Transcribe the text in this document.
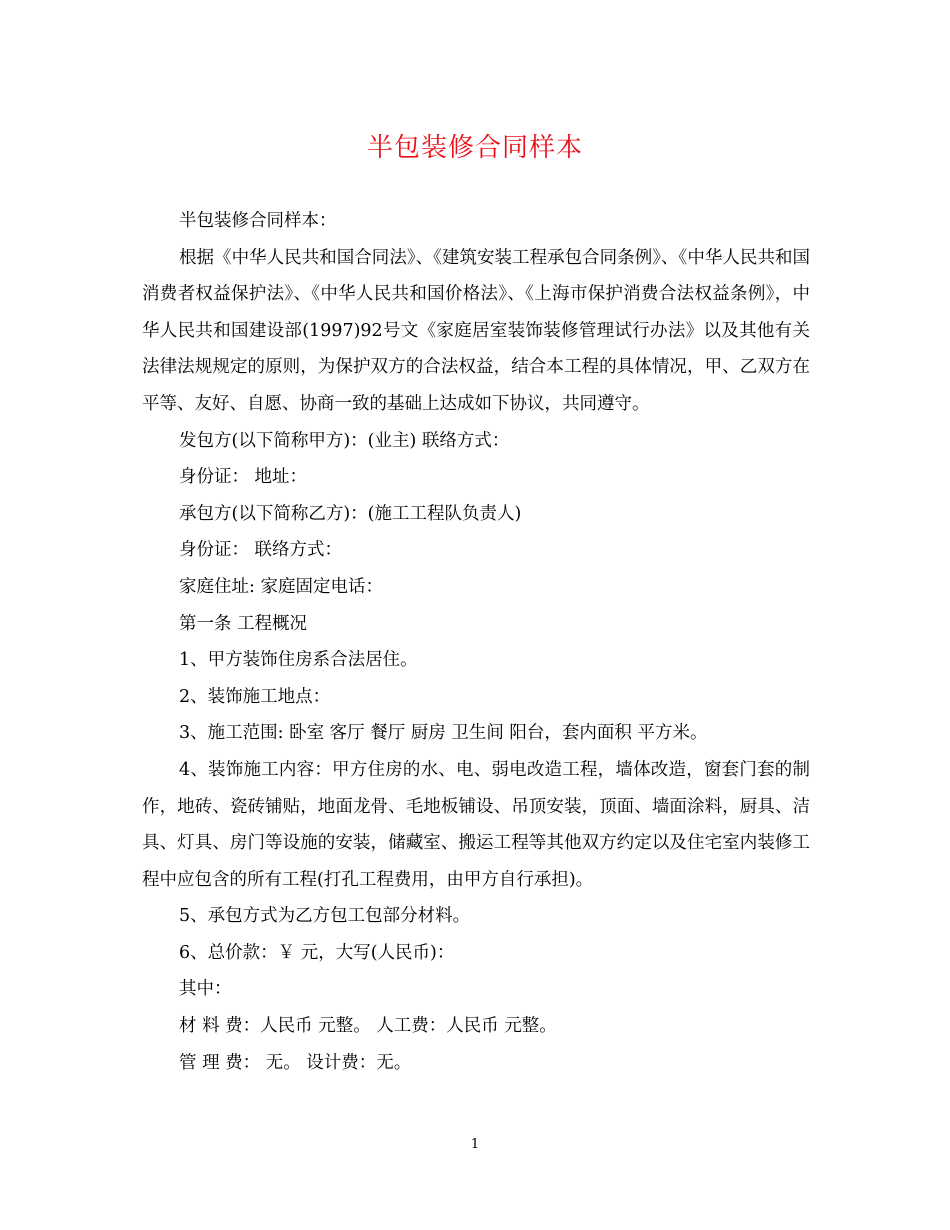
半包装修合同样本

半包装修合同样本：

根据《中华人民共和国合同法》、《建筑安装工程承包合同条例》、《中华人民共和国消费者权益保护法》、《中华人民共和国价格法》、《上海市保护消费合法权益条例》，中华人民共和国建设部(1997)92号文《家庭居室装饰装修管理试行办法》以及其他有关法律法规规定的原则，为保护双方的合法权益，结合本工程的具体情况，甲、乙双方在平等、友好、自愿、协商一致的基础上达成如下协议，共同遵守。

发包方(以下简称甲方)：(业主) 联络方式：

身份证： 地址：

承包方(以下简称乙方)：(施工工程队负责人)

身份证： 联络方式：

家庭住址: 家庭固定电话：

第一条 工程概况

1、甲方装饰住房系合法居住。

2、装饰施工地点：

3、施工范围: 卧室 客厅 餐厅 厨房 卫生间 阳台，套内面积 平方米。

4、装饰施工内容：甲方住房的水、电、弱电改造工程，墙体改造，窗套门套的制作，地砖、瓷砖铺贴，地面龙骨、毛地板铺设、吊顶安装，顶面、墙面涂料，厨具、洁具、灯具、房门等设施的安装，储藏室、搬运工程等其他双方约定以及住宅室内装修工程中应包含的所有工程(打孔工程费用，由甲方自行承担)。

5、承包方式为乙方包工包部分材料。

6、总价款：￥ 元，大写(人民币)：

其中：

材 料 费：人民币 元整。 人工费：人民币 元整。

管 理 费： 无。 设计费：无。

1
